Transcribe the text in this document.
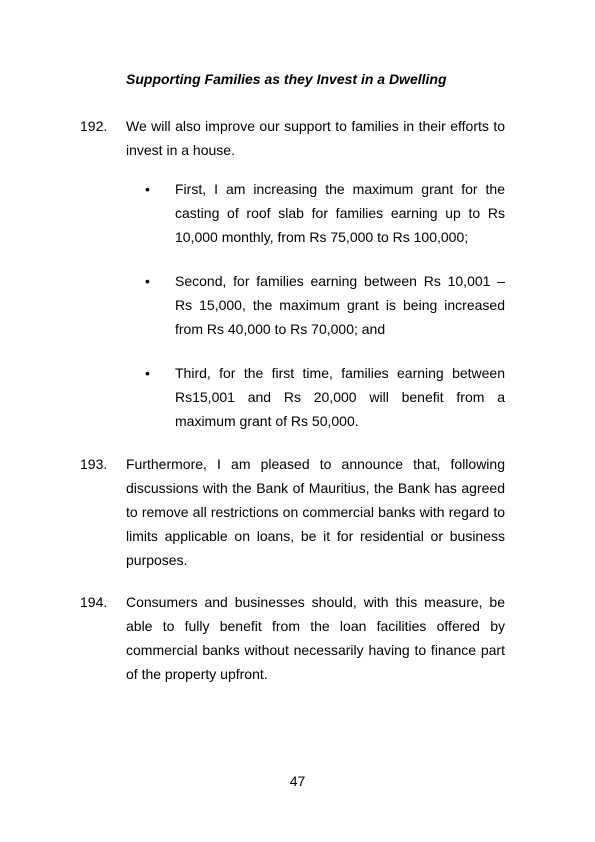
Supporting Families as they Invest in a Dwelling
192. We will also improve our support to families in their efforts to invest in a house.
• First, I am increasing the maximum grant for the casting of roof slab for families earning up to Rs 10,000 monthly, from Rs 75,000 to Rs 100,000;
• Second, for families earning between Rs 10,001 – Rs 15,000, the maximum grant is being increased from Rs 40,000 to Rs 70,000; and
• Third, for the first time, families earning between Rs15,001 and Rs 20,000 will benefit from a maximum grant of Rs 50,000.
193. Furthermore, I am pleased to announce that, following discussions with the Bank of Mauritius, the Bank has agreed to remove all restrictions on commercial banks with regard to limits applicable on loans, be it for residential or business purposes.
194. Consumers and businesses should, with this measure, be able to fully benefit from the loan facilities offered by commercial banks without necessarily having to finance part of the property upfront.
47
